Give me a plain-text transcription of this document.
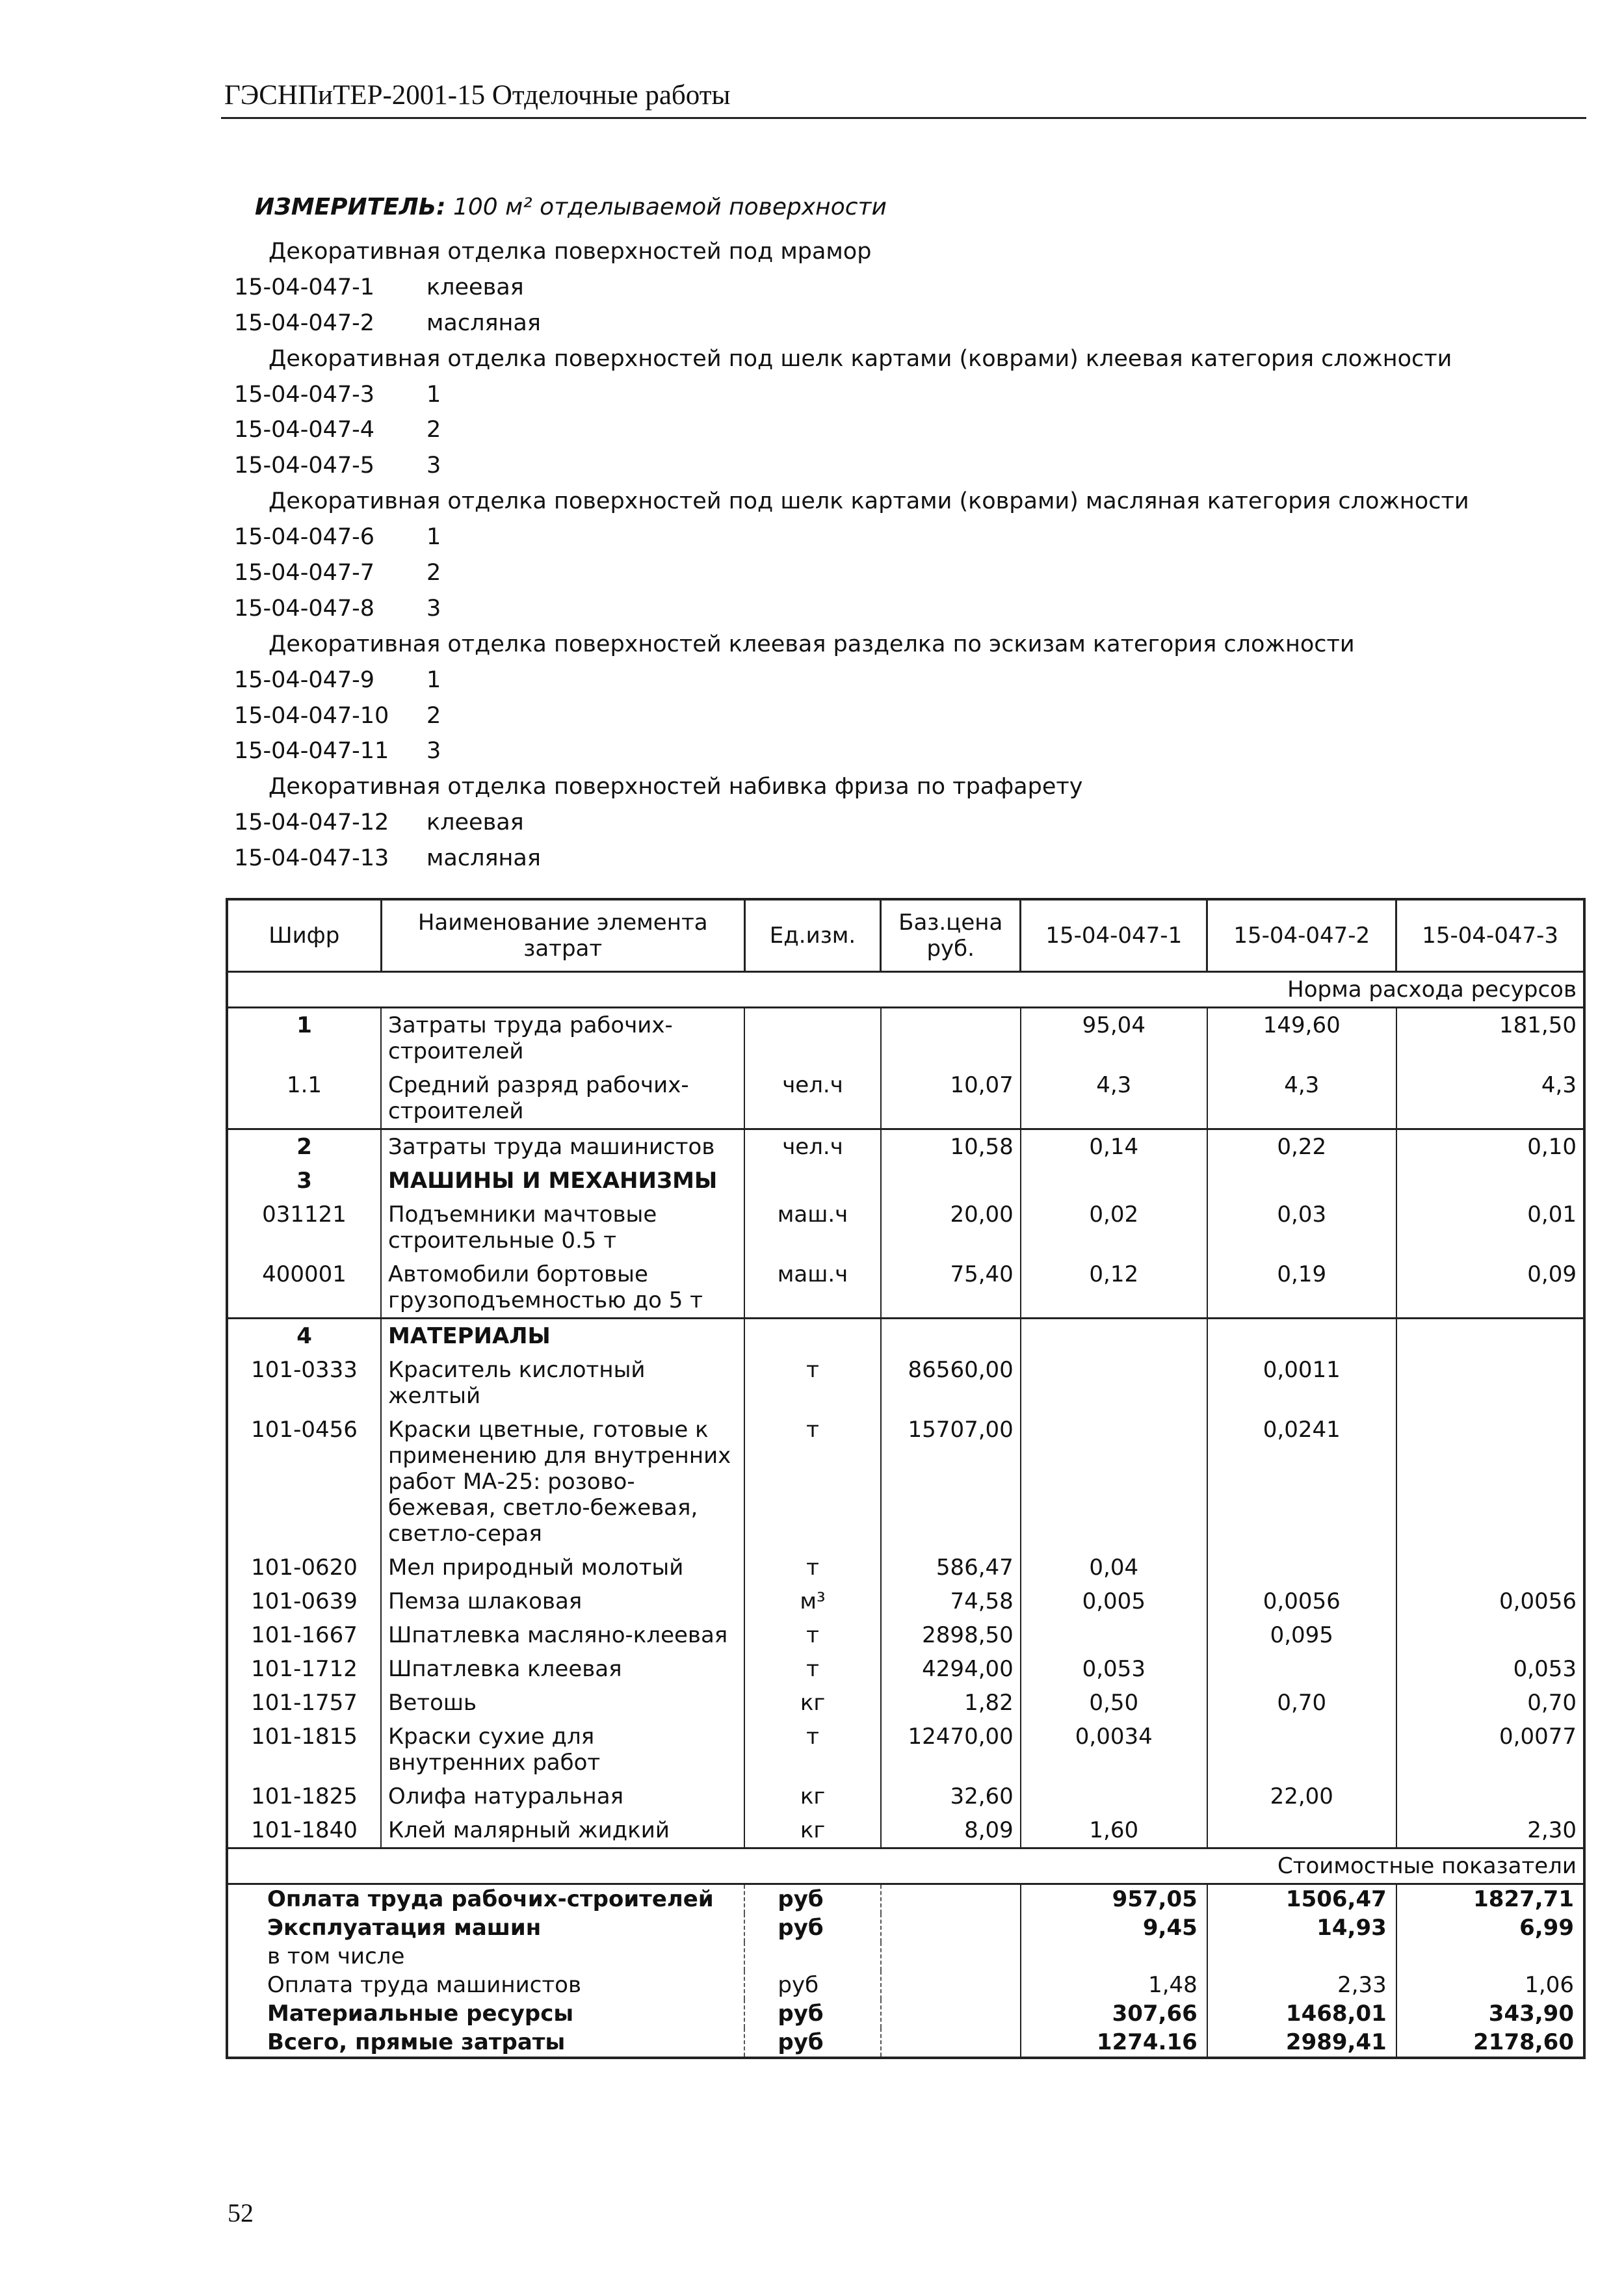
ГЭСНПиТЕР-2001-15 Отделочные работы
ИЗМЕРИТЕЛЬ: 100 м² отделываемой поверхности
Декоративная отделка поверхностей под мрамор
15-04-047-1 клеевая
15-04-047-2 масляная
Декоративная отделка поверхностей под шелк картами (коврами) клеевая категория сложности
15-04-047-3 1
15-04-047-4 2
15-04-047-5 3
Декоративная отделка поверхностей под шелк картами (коврами) масляная категория сложности
15-04-047-6 1
15-04-047-7 2
15-04-047-8 3
Декоративная отделка поверхностей клеевая разделка по эскизам категория сложности
15-04-047-9 1
15-04-047-10 2
15-04-047-11 3
Декоративная отделка поверхностей набивка фриза по трафарету
15-04-047-12 клеевая
15-04-047-13 масляная
Шифр	Наименование элемента затрат	Ед.изм.	Баз.цена руб.	15-04-047-1	15-04-047-2	15-04-047-3
Норма расхода ресурсов						
1	Затраты труда рабочих-строителей			95,04	149,60	181,50
1.1	Средний разряд рабочих-строителей	чел.ч	10,07	4,3	4,3	4,3
2	Затраты труда машинистов	чел.ч	10,58	0,14	0,22	0,10
3	МАШИНЫ И МЕХАНИЗМЫ					
031121	Подъемники мачтовые строительные 0.5 т	маш.ч	20,00	0,02	0,03	0,01
400001	Автомобили бортовые грузоподъемностью до 5 т	маш.ч	75,40	0,12	0,19	0,09
4	МАТЕРИАЛЫ					
101-0333	Краситель кислотный желтый	т	86560,00		0,0011	
101-0456	Краски цветные, готовые к применению для внутренних работ МА-25: розово-бежевая, светло-бежевая, светло-серая	т	15707,00		0,0241	
101-0620	Мел природный молотый	т	586,47	0,04		
101-0639	Пемза шлаковая	м³	74,58	0,005	0,0056	0,0056
101-1667	Шпатлевка масляно-клеевая	т	2898,50		0,095	
101-1712	Шпатлевка клеевая	т	4294,00	0,053		0,053
101-1757	Ветошь	кг	1,82	0,50	0,70	0,70
101-1815	Краски сухие для внутренних работ	т	12470,00	0,0034		0,0077
101-1825	Олифа натуральная	кг	32,60		22,00	
101-1840	Клей малярный жидкий	кг	8,09	1,60		2,30
Стоимостные показатели						
Оплата труда рабочих-строителей		руб		957,05	1506,47	1827,71
Эксплуатация машин		руб		9,45	14,93	6,99
в том числе						
Оплата труда машинистов		руб		1,48	2,33	1,06
Материальные ресурсы		руб		307,66	1468,01	343,90
Всего, прямые затраты		руб		1274.16	2989,41	2178,60
52
